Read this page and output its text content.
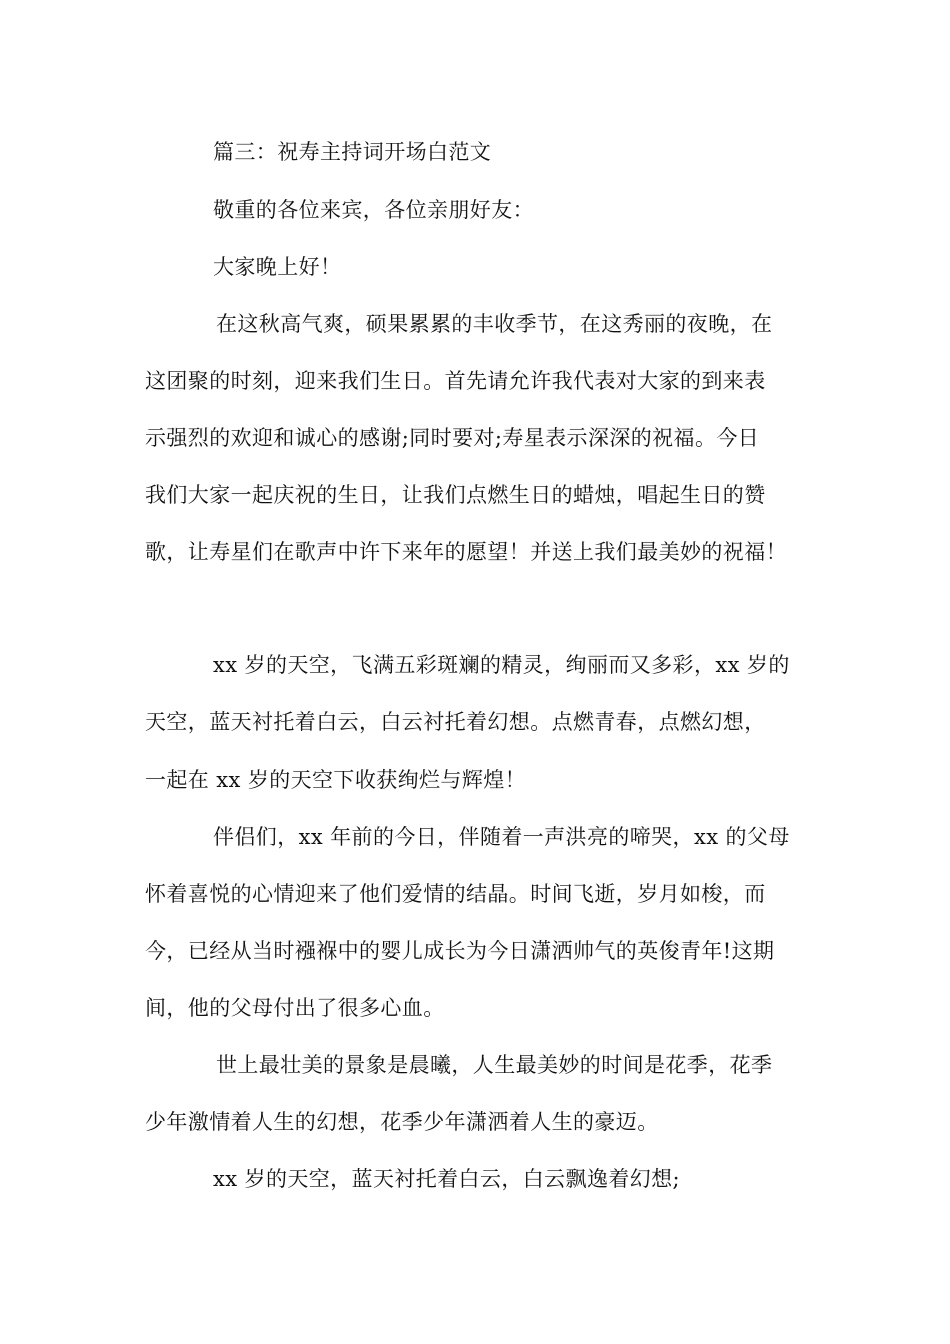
篇三：祝寿主持词开场白范文
敬重的各位来宾，各位亲朋好友：
大家晚上好！
在这秋高气爽，硕果累累的丰收季节，在这秀丽的夜晚，在
这团聚的时刻，迎来我们生日。首先请允许我代表对大家的到来表
示强烈的欢迎和诚心的感谢;同时要对;寿星表示深深的祝福。今日
我们大家一起庆祝的生日，让我们点燃生日的蜡烛，唱起生日的赞
歌，让寿星们在歌声中许下来年的愿望！并送上我们最美妙的祝福！
xx 岁的天空，飞满五彩斑斓的精灵，绚丽而又多彩，xx 岁的
天空，蓝天衬托着白云，白云衬托着幻想。点燃青春，点燃幻想，
一起在 xx 岁的天空下收获绚烂与辉煌！
伴侣们，xx 年前的今日，伴随着一声洪亮的啼哭，xx 的父母
怀着喜悦的心情迎来了他们爱情的结晶。时间飞逝，岁月如梭，而
今，已经从当时襁褓中的婴儿成长为今日潇洒帅气的英俊青年!这期
间，他的父母付出了很多心血。
世上最壮美的景象是晨曦，人生最美妙的时间是花季，花季
少年激情着人生的幻想，花季少年潇洒着人生的豪迈。
xx 岁的天空，蓝天衬托着白云，白云飘逸着幻想;
